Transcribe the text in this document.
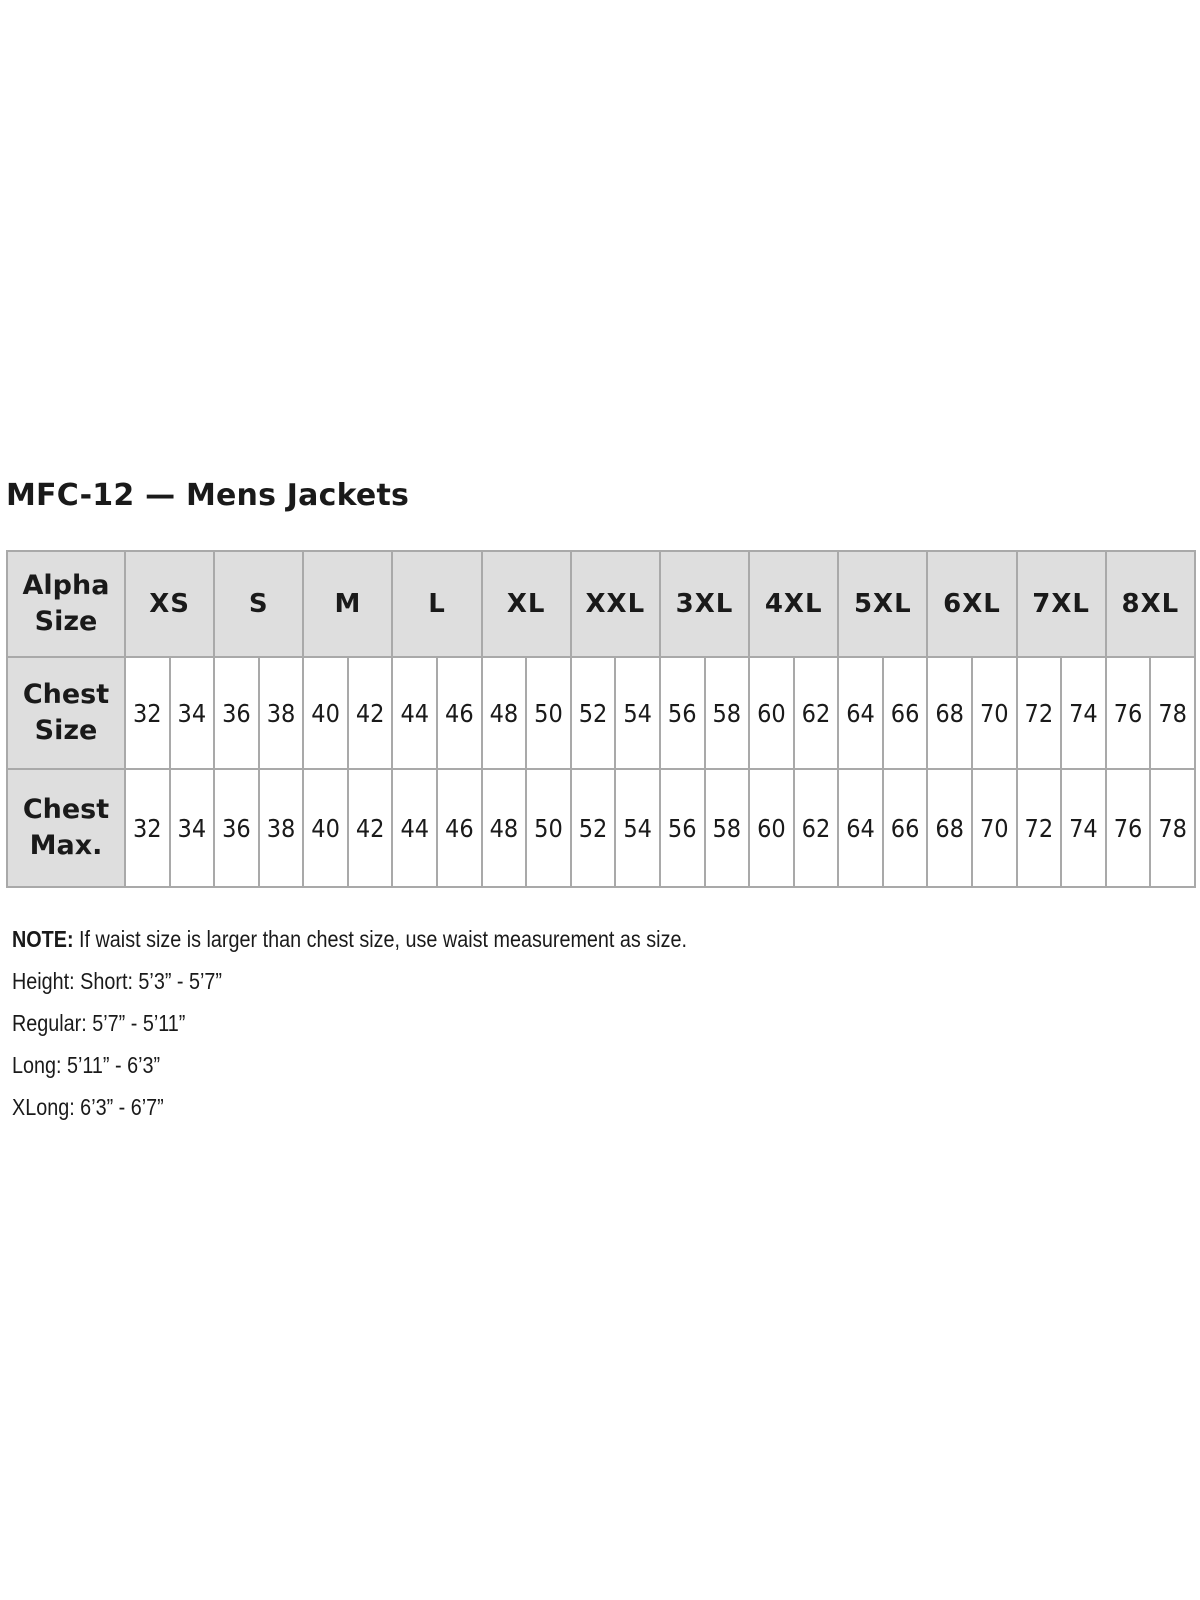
MFC-12 — Mens Jackets
Alpha
Size	XS		S		M		L		XL		XXL		3XL		4XL		5XL		6XL		7XL		8XL	

Chest
Size	32	34	36	38	40	42	44	46	48	50	52	54	56	58	60	62	64	66	68	70	72	74	76	78

Chest
Max.	32	34	36	38	40	42	44	46	48	50	52	54	56	58	60	62	64	66	68	70	72	74	76	78
NOTE: If waist size is larger than chest size, use waist measurement as size.
Height: Short: 5’3” - 5’7”
Regular: 5’7” - 5’11”
Long: 5’11” - 6’3”
XLong: 6’3” - 6’7”
